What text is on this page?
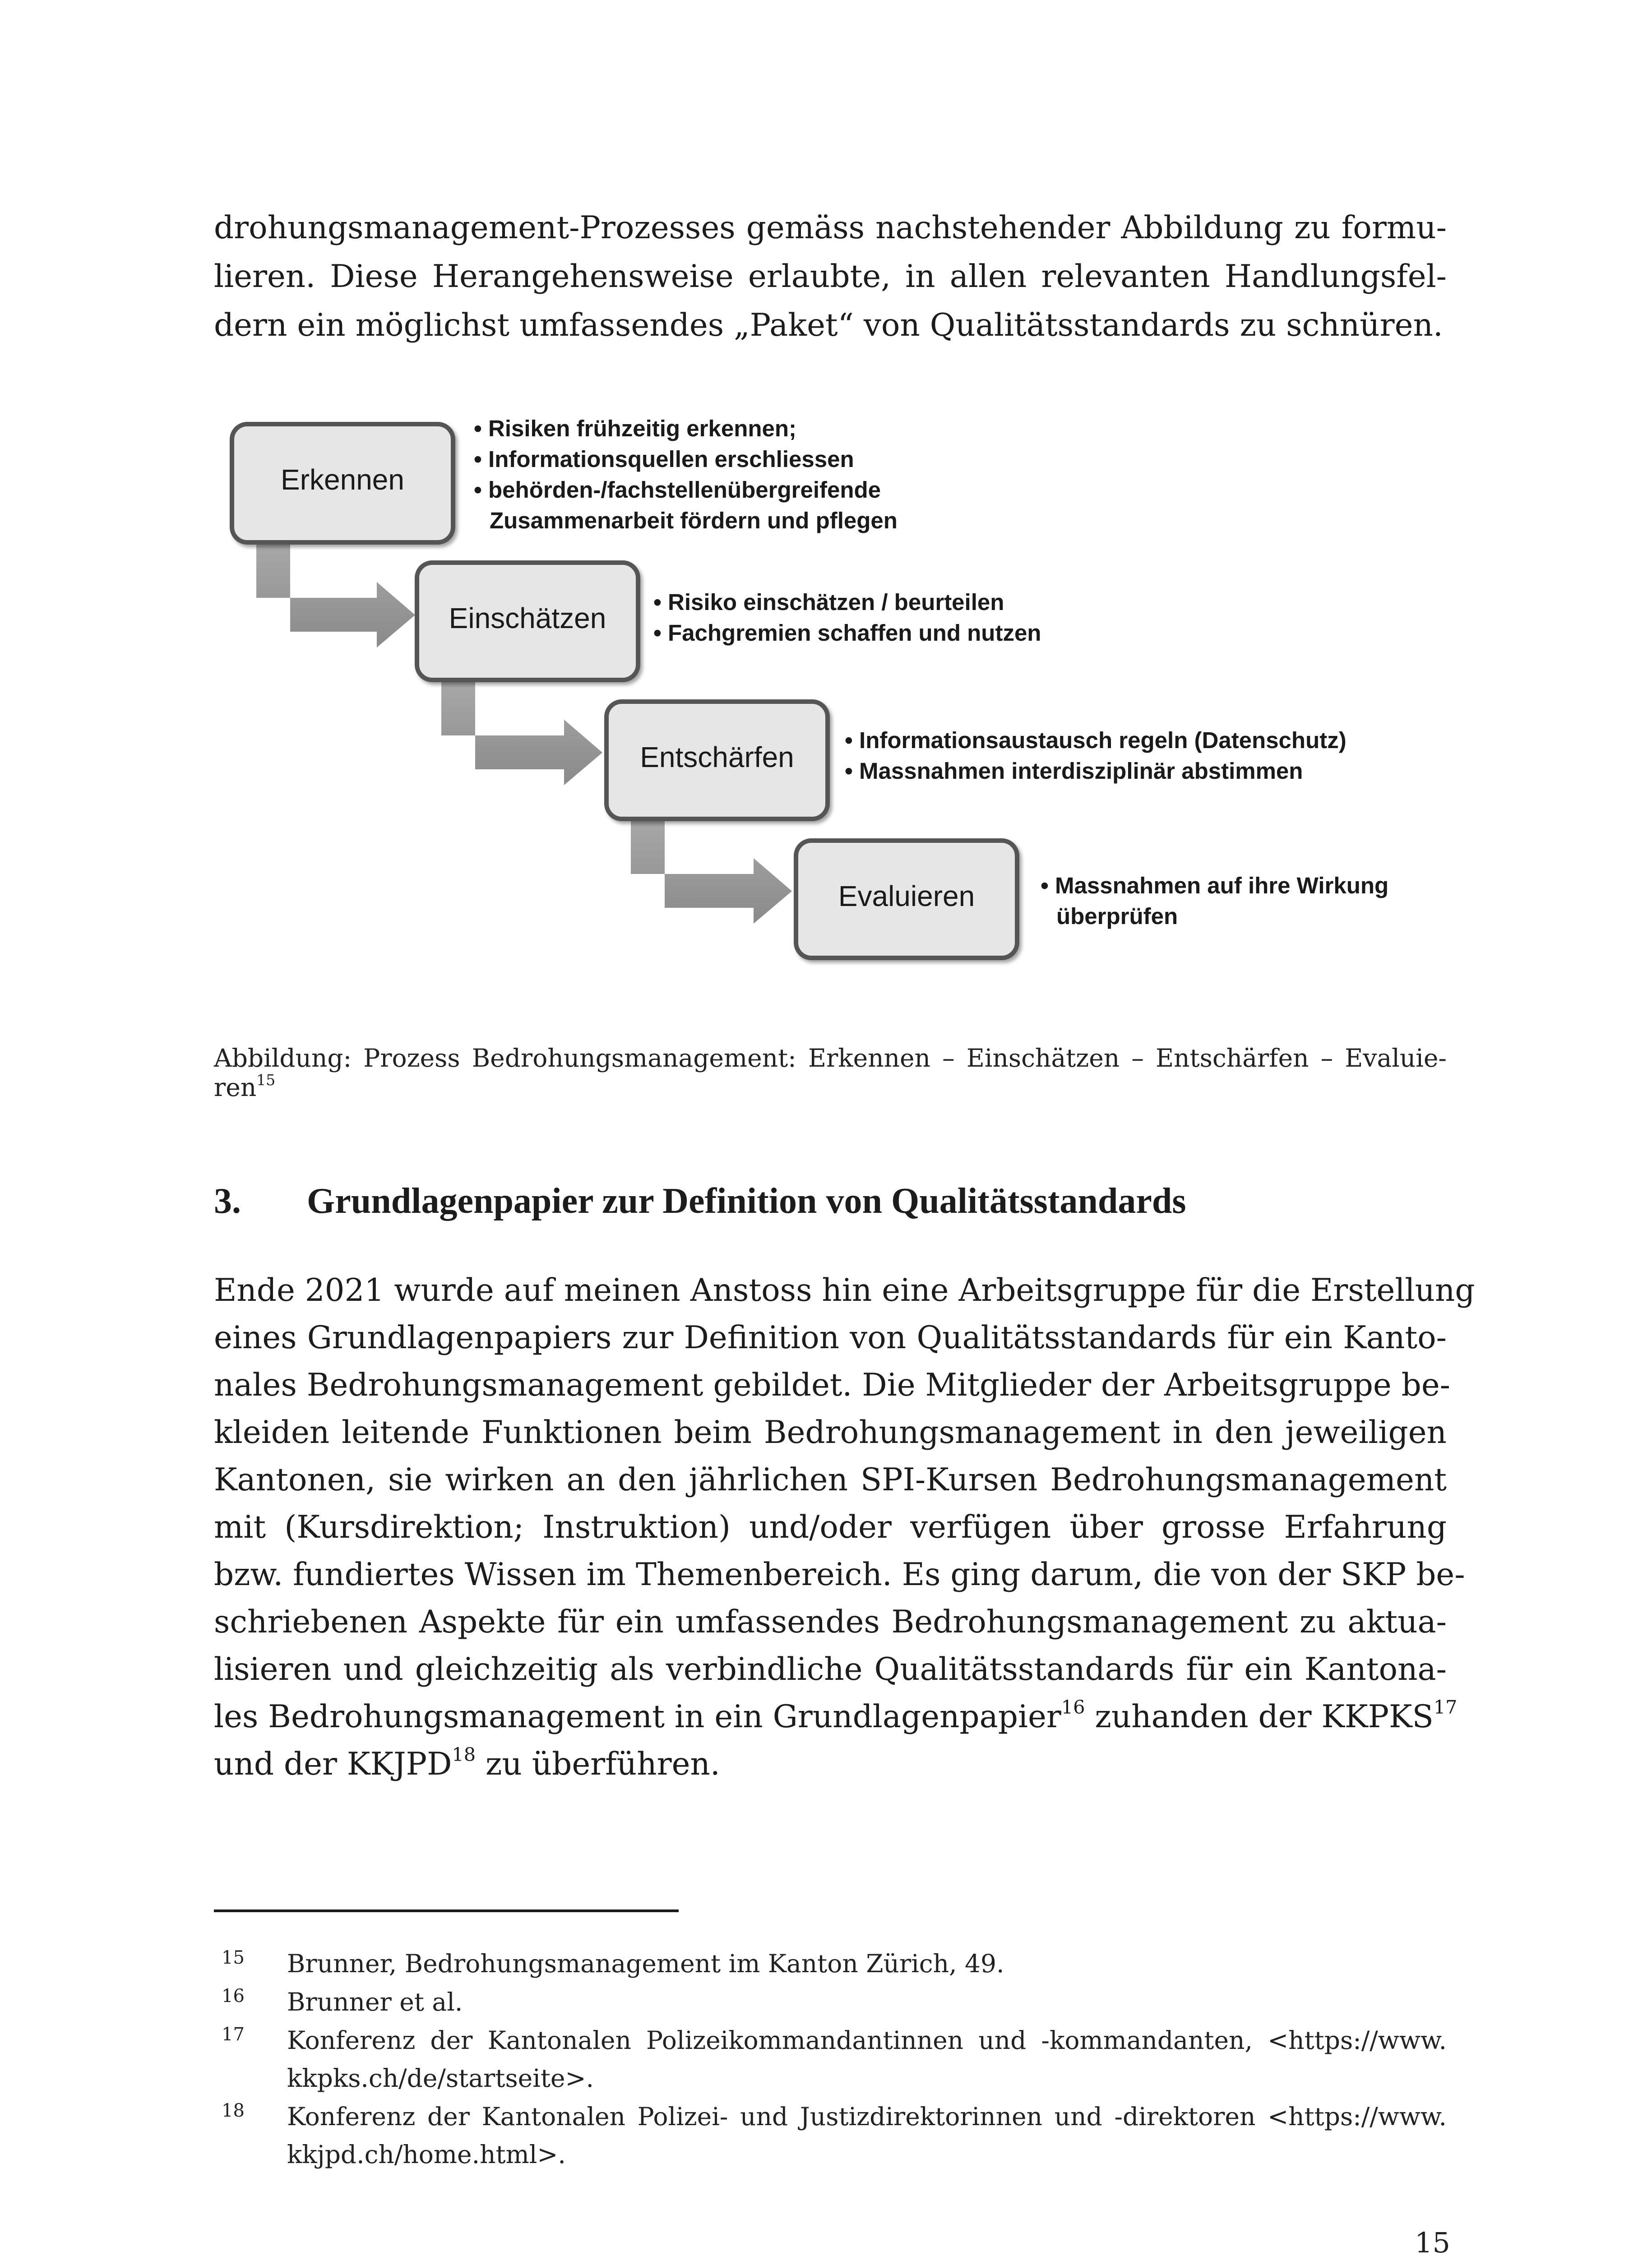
drohungsmanagement-Prozesses gemäss nachstehender Abbildung zu formu-
lieren. Diese Herangehensweise erlaubte, in allen relevanten Handlungsfel-
dern ein möglichst umfassendes „Paket“ von Qualitätsstandards zu schnüren.
Erkennen
• Risiken frühzeitig erkennen;
• Informationsquellen erschliessen
• behörden-/fachstellenübergreifende
Zusammenarbeit fördern und pflegen
Einschätzen • Risiko einschätzen / beurteilen
• Fachgremien schaffen und nutzen
Entschärfen
• Informationsaustausch regeln (Datenschutz)
• Massnahmen interdisziplinär abstimmen
Evaluieren	• Massnahmen auf ihre Wirkung
überprüfen
Abbildung: Prozess Bedrohungsmanagement: Erkennen – Einschätzen – Entschärfen – Evaluie-
ren$^{15}$
3. Grundlagenpapier zur Definition von Qualitätsstandards
Ende 2021 wurde auf meinen Anstoss hin eine Arbeitsgruppe für die Erstellung
eines Grundlagenpapiers zur Definition von Qualitätsstandards für ein Kanto-
nales Bedrohungsmanagement gebildet. Die Mitglieder der Arbeitsgruppe be-
kleiden leitende Funktionen beim Bedrohungsmanagement in den jeweiligen
Kantonen, sie wirken an den jährlichen SPI-Kursen Bedrohungsmanagement
mit (Kursdirektion; Instruktion) und/oder verfügen über grosse Erfahrung
bzw. fundiertes Wissen im Themenbereich. Es ging darum, die von der SKP be-
schriebenen Aspekte für ein umfassendes Bedrohungsmanagement zu aktua-
lisieren und gleichzeitig als verbindliche Qualitätsstandards für ein Kantona-
les Bedrohungsmanagement in ein Grundlagenpapier$^{16}$ zuhanden der KKPKS$^{17}$
und der KKJPD$^{18}$ zu überführen.
15 Brunner, Bedrohungsmanagement im Kanton Zürich, 49.
16 Brunner et al.
17 Konferenz der Kantonalen Polizeikommandantinnen und -kommandanten, <https://www.
kkpks.ch/de/startseite>.
18 Konferenz der Kantonalen Polizei- und Justizdirektorinnen und -direktoren <https://www.
kkjpd.ch/home.html>.
15
